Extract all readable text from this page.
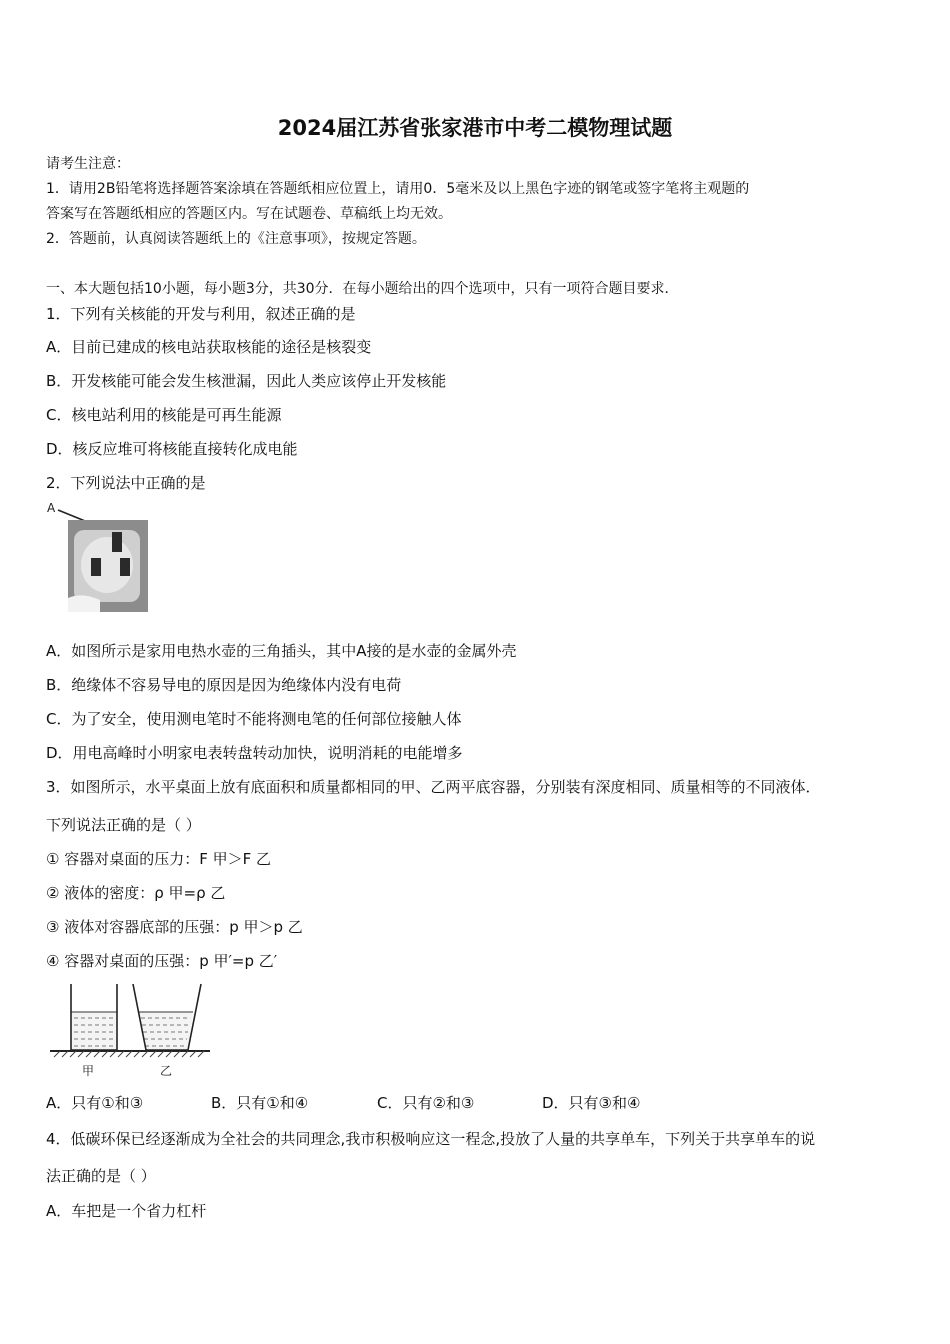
2024届江苏省张家港市中考二模物理试题
请考生注意：
1．请用2B铅笔将选择题答案涂填在答题纸相应位置上，请用0．5毫米及以上黑色字迹的钢笔或签字笔将主观题的
答案写在答题纸相应的答题区内。写在试题卷、草稿纸上均无效。
2．答题前，认真阅读答题纸上的《注意事项》，按规定答题。
一、本大题包括10小题，每小题3分，共30分．在每小题给出的四个选项中，只有一项符合题目要求．
1．下列有关核能的开发与利用，叙述正确的是
A．目前已建成的核电站获取核能的途径是核裂变
B．开发核能可能会发生核泄漏，因此人类应该停止开发核能
C．核电站利用的核能是可再生能源
D．核反应堆可将核能直接转化成电能
2．下列说法中正确的是
A
A．如图所示是家用电热水壶的三角插头，其中A接的是水壶的金属外壳
B．绝缘体不容易导电的原因是因为绝缘体内没有电荷
C．为了安全，使用测电笔时不能将测电笔的任何部位接触人体
D．用电高峰时小明家电表转盘转动加快，说明消耗的电能增多
3．如图所示，水平桌面上放有底面积和质量都相同的甲、乙两平底容器，分别装有深度相同、质量相等的不同液体．
下列说法正确的是（ ）
① 容器对桌面的压力：F 甲＞F 乙
② 液体的密度：ρ 甲=ρ 乙
③ 液体对容器底部的压强：p 甲＞p 乙
④ 容器对桌面的压强：p 甲′=p 乙′
甲	乙
A．只有①和③	B．只有①和④	C．只有②和③	D．只有③和④
4．低碳环保已经逐渐成为全社会的共同理念,我市积极响应这一程念,投放了人量的共享单车，下列关于共享单车的说
法正确的是（ ）
A．车把是一个省力杠杆
